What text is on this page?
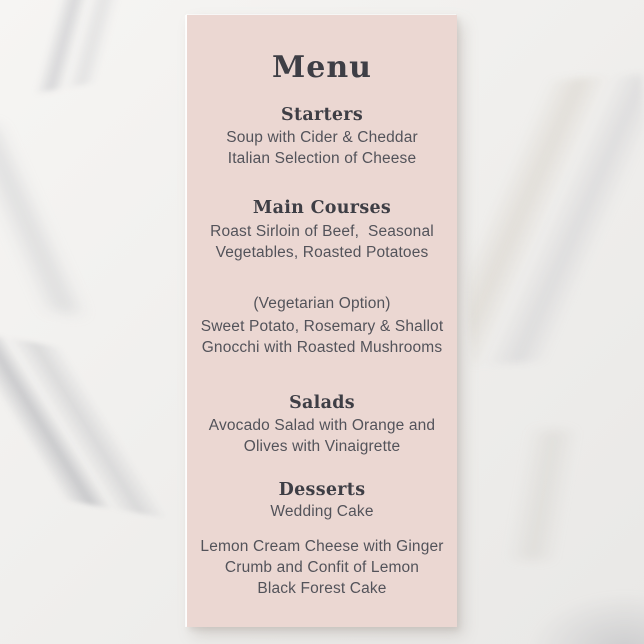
Menu
Starters
Soup with Cider & Cheddar
Italian Selection of Cheese
Main Courses
Roast Sirloin of Beef,  Seasonal
Vegetables, Roasted Potatoes
(Vegetarian Option)
Sweet Potato, Rosemary & Shallot
Gnocchi with Roasted Mushrooms
Salads
Avocado Salad with Orange and
Olives with Vinaigrette
Desserts
Wedding Cake
Lemon Cream Cheese with Ginger
Crumb and Confit of Lemon
Black Forest Cake
